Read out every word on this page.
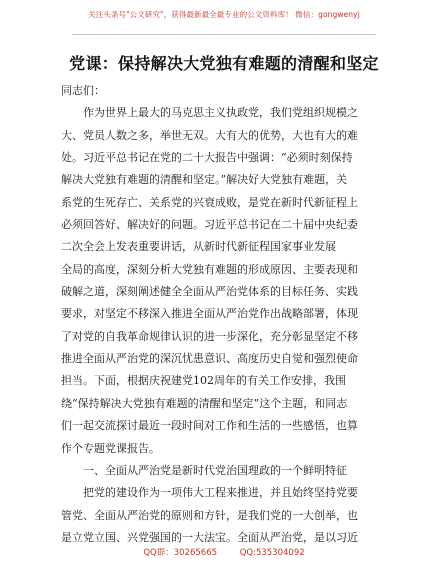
关注头条号"公文研究"，获得最新最全最专业的公文资料库！ 微信：gongwenyj
党课：保持解决大党独有难题的清醒和坚定
同志们：
作为世界上最大的马克思主义执政党，我们党组织规模之
大、党员人数之多，举世无双。大有大的优势，大也有大的难
处。习近平总书记在党的二十大报告中强调：“必须时刻保持
解决大党独有难题的清醒和坚定。”解决好大党独有难题，关
系党的生死存亡、关系党的兴衰成败，是党在新时代新征程上
必须回答好、解决好的问题。习近平总书记在二十届中央纪委
二次全会上发表重要讲话，从新时代新征程国家事业发展
全局的高度，深刻分析大党独有难题的形成原因、主要表现和
破解之道，深刻阐述健全全面从严治党体系的目标任务、实践
要求，对坚定不移深入推进全面从严治党作出战略部署，体现
了对党的自我革命规律认识的进一步深化，充分彰显坚定不移
推进全面从严治党的深沉忧患意识、高度历史自觉和强烈使命
担当。下面，根据庆祝建党102周年的有关工作安排，我围
绕“保持解决大党独有难题的清醒和坚定”这个主题，和同志
们一起交流探讨最近一段时间对工作和生活的一些感悟，也算
作个专题党课报告。
一、全面从严治党是新时代党治国理政的一个鲜明特征
把党的建设作为一项伟大工程来推进，并且始终坚持党要
管党、全面从严治党的原则和方针，是我们党的一大创举，也
是立党立国、兴党强国的一大法宝。全面从严治党，是以习近
QQ群：30265665	QQ:535304092
